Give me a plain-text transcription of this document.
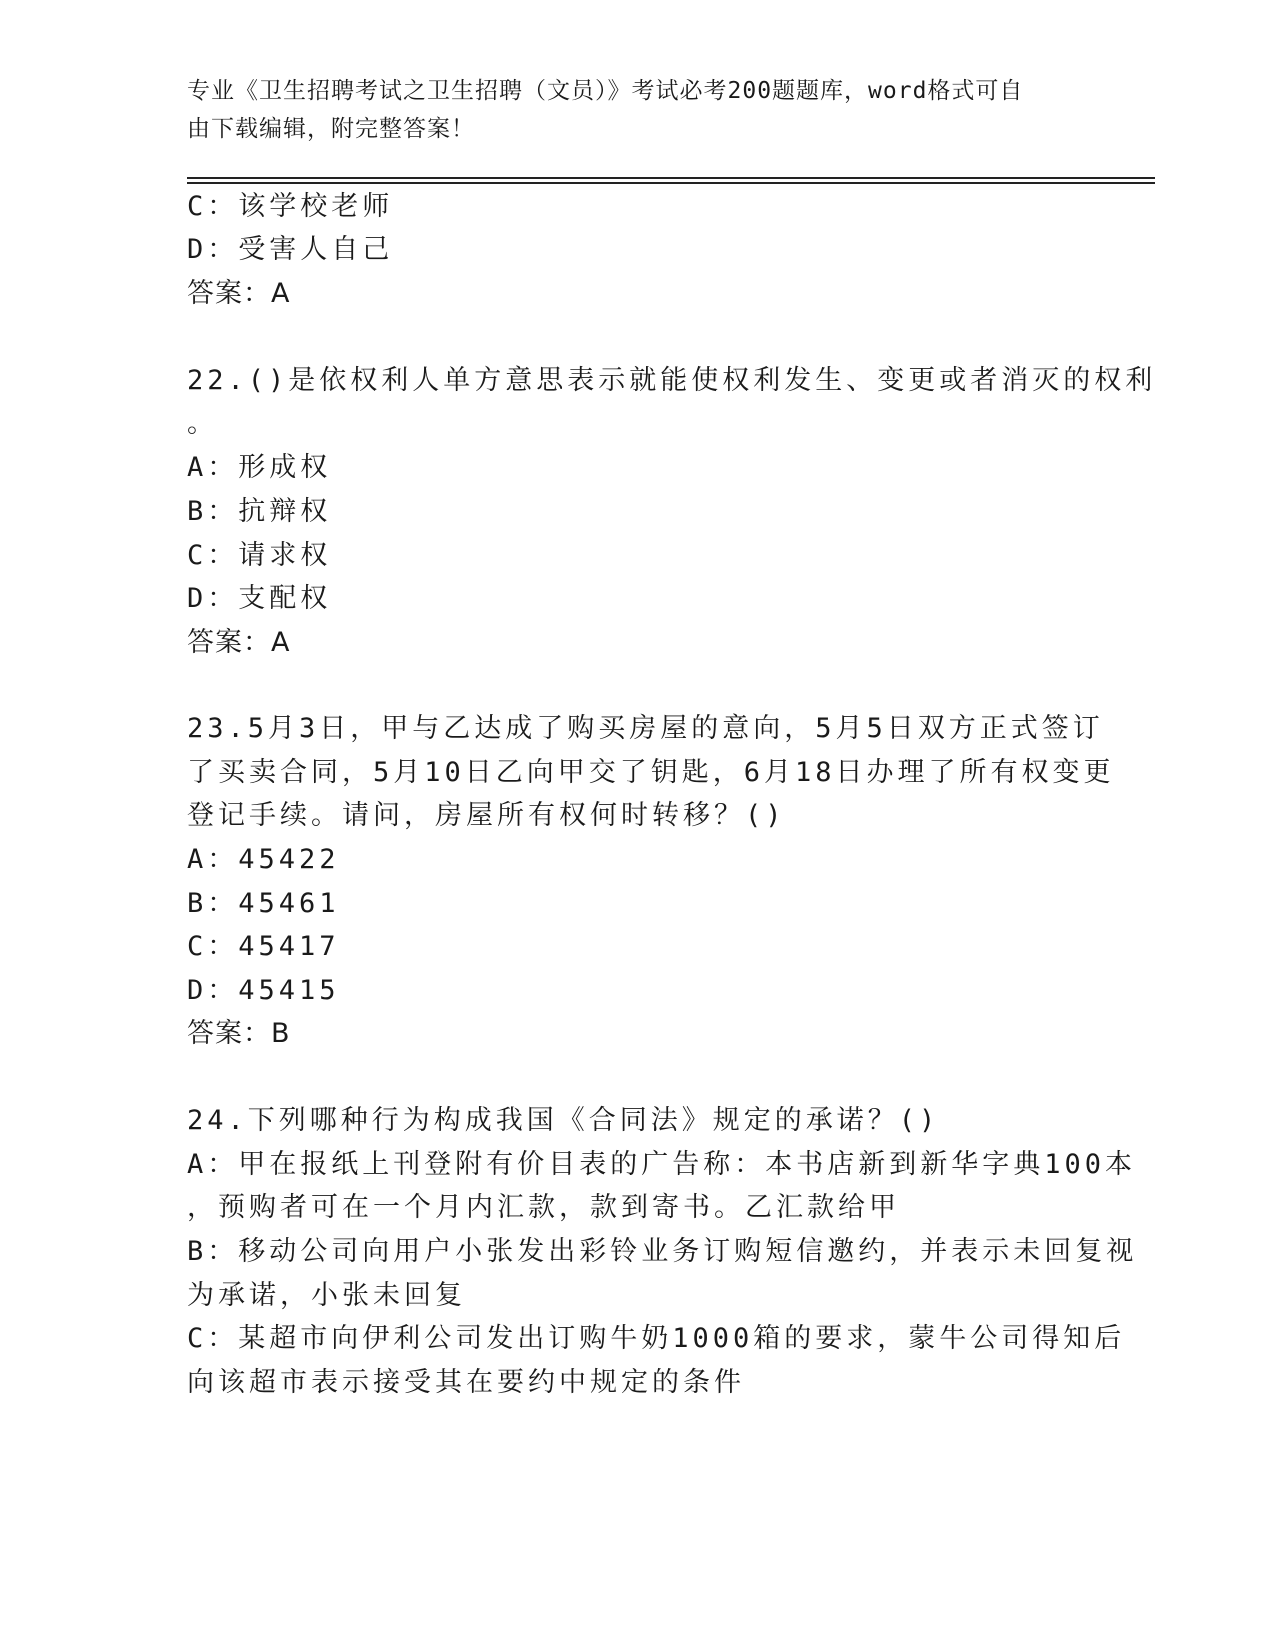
专业《卫生招聘考试之卫生招聘（文员）》考试必考200题题库，word格式可自
由下载编辑，附完整答案！
C：该学校老师
D：受害人自己
答案：A
22.()是依权利人单方意思表示就能使权利发生、变更或者消灭的权利
。
A：形成权
B：抗辩权
C：请求权
D：支配权
答案：A
23.5月3日，甲与乙达成了购买房屋的意向，5月5日双方正式签订
了买卖合同，5月10日乙向甲交了钥匙，6月18日办理了所有权变更
登记手续。请问，房屋所有权何时转移？()
A：45422
B：45461
C：45417
D：45415
答案：B
24.下列哪种行为构成我国《合同法》规定的承诺？()
A：甲在报纸上刊登附有价目表的广告称：本书店新到新华字典100本
，预购者可在一个月内汇款，款到寄书。乙汇款给甲
B：移动公司向用户小张发出彩铃业务订购短信邀约，并表示未回复视
为承诺，小张未回复
C：某超市向伊利公司发出订购牛奶1000箱的要求，蒙牛公司得知后
向该超市表示接受其在要约中规定的条件
